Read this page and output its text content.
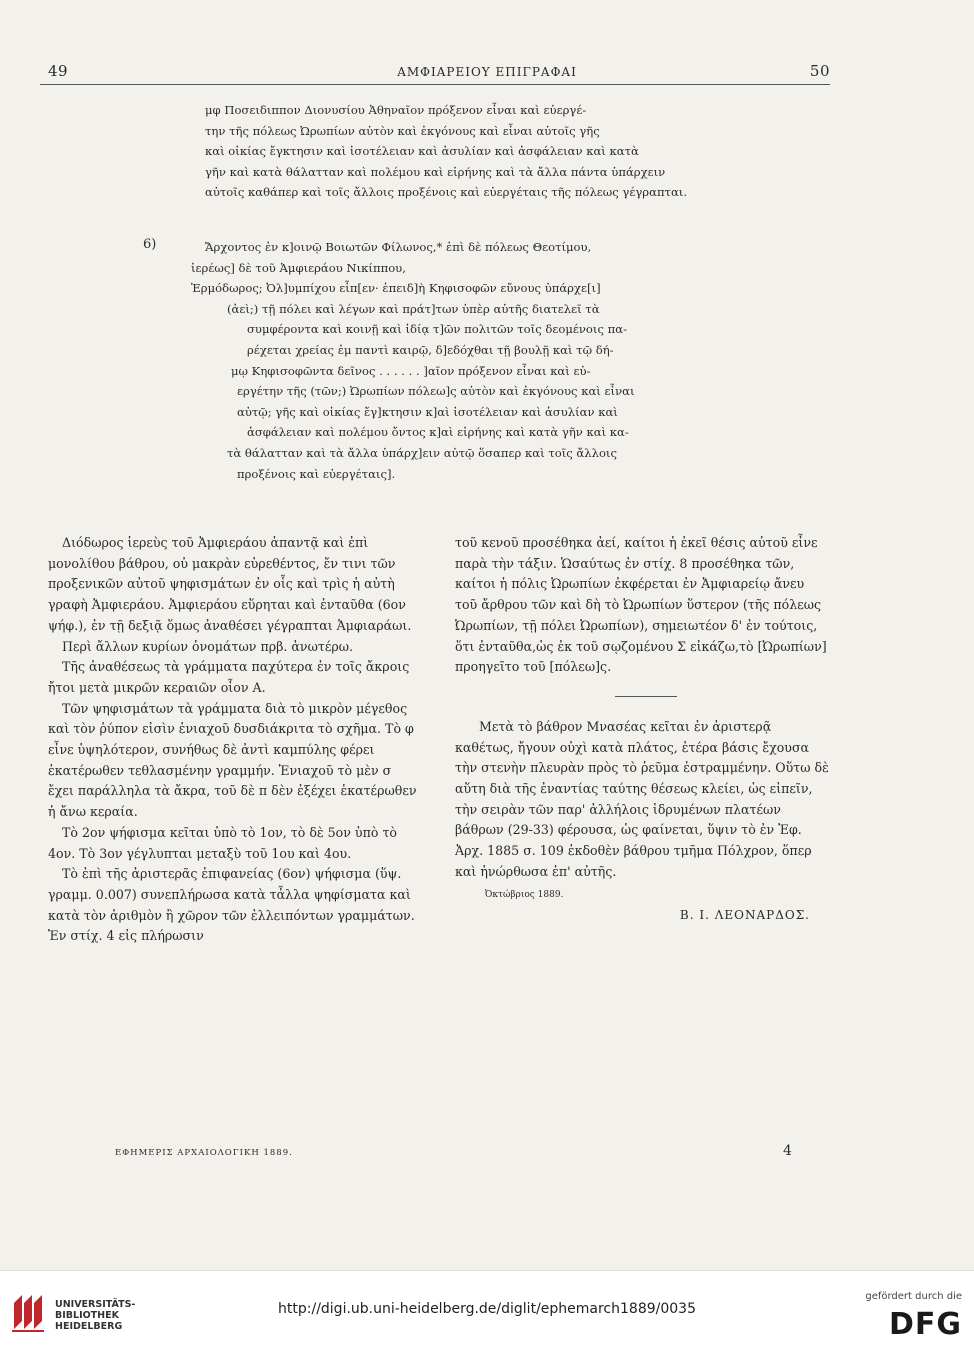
49	ΑΜΦΙΑΡΕΙΟΥ ΕΠΙΓΡΑΦΑΙ	50
μφ Ποσειδιππον Διονυσίου Ἀθηναῖον πρόξενον εἶναι καὶ εὐεργέ-
την τῆς πόλεως Ὠρωπίων αὐτὸν καὶ ἐκγόνους καὶ εἶναι αὐτοῖς γῆς
καὶ οἰκίας ἔγκτησιν καὶ ἰσοτέλειαν καὶ ἀσυλίαν καὶ ἀσφάλειαν καὶ κατὰ
γῆν καὶ κατὰ θάλατταν καὶ πολέμου καὶ εἰρήνης καὶ τὰ ἄλλα πάντα ὑπάρχειν
αὐτοῖς καθάπερ καὶ τοῖς ἄλλοις προξένοις καὶ εὐεργέταις τῆς πόλεως γέγραπται.
6)	Ἄρχοντος ἐν κ]οινῷ Βοιωτῶν Φίλωνος,* ἐπὶ δὲ πόλεως Θεοτίμου,
ἱερέως] δὲ τοῦ Ἀμφιεράου Νικίππου,
Ἑρμόδωρος; Ὀλ]υμπίχου εἶπ[εν· ἐπειδ]ὴ Κηφισοφῶν εὔνους ὑπάρχε[ι]
(ἀεὶ;) τῇ πόλει καὶ λέγων καὶ πράτ]των ὑπὲρ αὐτῆς διατελεῖ τὰ
συμφέροντα καὶ κοινῇ καὶ ἰδίᾳ τ]ῶν πολιτῶν τοῖς δεομένοις πα-
ρέχεται χρείας ἐμ παντὶ καιρῷ, δ]εδόχθαι τῇ βουλῇ καὶ τῷ δή-
μῳ Κηφισοφῶντα δεῖνος . . . . . . ]αῖον πρόξενον εἶναι καὶ εὐ-
εργέτην τῆς (τῶν;) Ὠρωπίων πόλεω]ς αὐτὸν καὶ ἐκγόνους καὶ εἶναι
αὐτῷ; γῆς καὶ οἰκίας ἔγ]κτησιν κ]αὶ ἰσοτέλειαν καὶ ἀσυλίαν καὶ
ἀσφάλειαν καὶ πολέμου ὄντος κ]αὶ εἰρήνης καὶ κατὰ γῆν καὶ κα-
τὰ θάλατταν καὶ τὰ ἄλλα ὑπάρχ]ειν αὐτῷ ὅσαπερ καὶ τοῖς ἄλλοις
προξένοις καὶ εὐεργέταις].

Διόδωρος ἱερεὺς τοῦ Ἀμφιεράου ἀπαντᾷ καὶ ἐπὶ μονολίθου βάθρου, οὐ μακρὰν εὑρεθέντος, ἔν τινι τῶν προξενικῶν αὐτοῦ ψηφισμάτων ἐν οἷς καὶ τρὶς ἡ αὐτὴ γραφὴ Ἀμφιεράου. Ἀμφιεράου εὕρηται καὶ ἐνταῦθα (6ον ψήφ.), ἐν τῇ δεξιᾷ ὅμως ἀναθέσει γέγραπται Ἀμφιαράωι.

Περὶ ἄλλων κυρίων ὀνομάτων πρβ. ἀνωτέρω.

Τῆς ἀναθέσεως τὰ γράμματα παχύτερα ἐν τοῖς ἄκροις ἤτοι μετὰ μικρῶν κεραιῶν οἷον Α.

Τῶν ψηφισμάτων τὰ γράμματα διὰ τὸ μικρὸν μέγεθος καὶ τὸν ῥύπον εἰσὶν ἐνιαχοῦ δυσδιάκριτα τὸ σχῆμα. Τὸ φ εἶνε ὑψηλότερον, συνήθως δὲ ἀντὶ καμπύλης φέρει ἑκατέρωθεν τεθλασμένην γραμμήν. Ἐνιαχοῦ τὸ μὲν σ ἔχει παράλληλα τὰ ἄκρα, τοῦ δὲ π δὲν ἐξέχει ἑκατέρωθεν ἡ ἄνω κεραία.

Τὸ 2ον ψήφισμα κεῖται ὑπὸ τὸ 1ον, τὸ δὲ 5ον ὑπὸ τὸ 4ον. Τὸ 3ον γέγλυπται μεταξὺ τοῦ 1ου καὶ 4ου.

Τὸ ἐπὶ τῆς ἀριστερᾶς ἐπιφανείας (6ον) ψήφισμα (ὕψ. γραμμ. 0.007) συνεπλήρωσα κατὰ τἆλλα ψηφίσματα καὶ κατὰ τὸν ἀριθμὸν ἢ χῶρον τῶν ἐλλειπόντων γραμμάτων. Ἐν στίχ. 4 εἰς πλήρωσιν

τοῦ κενοῦ προσέθηκα ἀεί, καίτοι ἡ ἐκεῖ θέσις αὐτοῦ εἶνε παρὰ τὴν τάξιν. Ὡσαύτως ἐν στίχ. 8 προσέθηκα τῶν, καίτοι ἡ πόλις Ὠρωπίων ἐκφέρεται ἐν Ἀμφιαρείῳ ἄνευ τοῦ ἄρθρου τῶν καὶ δὴ τὸ Ὠρωπίων ὕστερον (τῆς πόλεως Ὠρωπίων, τῇ πόλει Ὠρωπίων), σημειωτέον δ' ἐν τούτοις, ὅτι ἐνταῦθα,ὡς ἐκ τοῦ σῳζομένου Σ εἰκάζω,τὸ [Ὠρωπίων] προηγεῖτο τοῦ [πόλεω]ς.

Μετὰ τὸ βάθρον Μνασέας κεῖται ἐν ἀριστερᾷ καθέτως, ἤγουν οὐχὶ κατὰ πλάτος, ἑτέρα βάσις ἔχουσα τὴν στενὴν πλευρὰν πρὸς τὸ ῥεῦμα ἐστραμμένην. Οὕτω δὲ αὕτη διὰ τῆς ἐναντίας ταύτης θέσεως κλείει, ὡς εἰπεῖν, τὴν σειρὰν τῶν παρ' ἀλλήλοις ἱδρυμένων πλατέων βάθρων (29-33) φέρουσα, ὡς φαίνεται, ὕψιν τὸ ἐν Ἐφ. Ἀρχ. 1885 σ. 109 ἐκδοθὲν βάθρου τμῆμα Πόλχρον, ὅπερ καὶ ἠνώρθωσα ἐπ' αὐτῆς.

Ὀκτώβριος 1889.
Β. Ι. ΛΕΟΝΑΡΔΟΣ.
ΕΦΗΜΕΡΙΣ ΑΡΧΑΙΟΛΟΓΙΚΗ 1889.	4
UNIVERSITÄTS-
BIBLIOTHEK
HEIDELBERG
http://digi.ub.uni-heidelberg.de/diglit/ephemarch1889/0035
gefördert durch die
DFG
